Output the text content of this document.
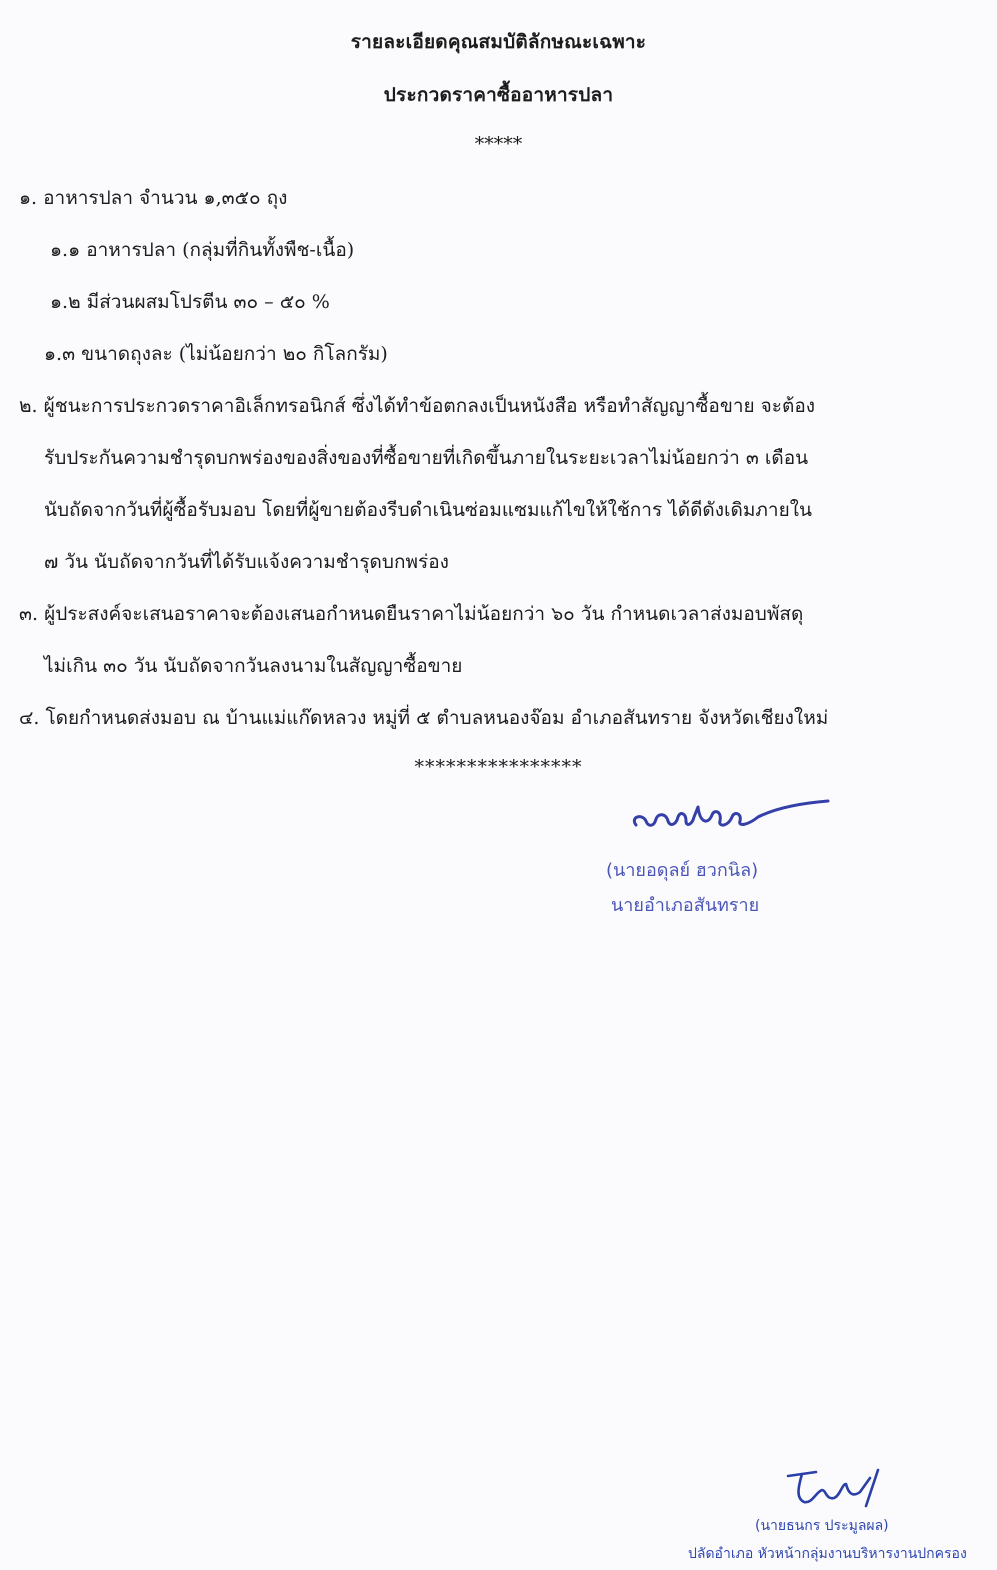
รายละเอียดคุณสมบัติลักษณะเฉพาะ
ประกวดราคาซื้ออาหารปลา
*****
๑. อาหารปลา จำนวน ๑,๓๕๐ ถุง
๑.๑ อาหารปลา (กลุ่มที่กินทั้งพืช-เนื้อ)
๑.๒ มีส่วนผสมโปรตีน ๓๐ – ๕๐ %
๑.๓ ขนาดถุงละ (ไม่น้อยกว่า ๒๐ กิโลกรัม)
๒. ผู้ชนะการประกวดราคาอิเล็กทรอนิกส์ ซึ่งได้ทำข้อตกลงเป็นหนังสือ หรือทำสัญญาซื้อขาย จะต้อง
รับประกันความชำรุดบกพร่องของสิ่งของที่ซื้อขายที่เกิดขึ้นภายในระยะเวลาไม่น้อยกว่า ๓ เดือน
นับถัดจากวันที่ผู้ซื้อรับมอบ โดยที่ผู้ขายต้องรีบดำเนินซ่อมแซมแก้ไขให้ใช้การ ได้ดีดังเดิมภายใน
๗ วัน นับถัดจากวันที่ได้รับแจ้งความชำรุดบกพร่อง
๓. ผู้ประสงค์จะเสนอราคาจะต้องเสนอกำหนดยืนราคาไม่น้อยกว่า ๖๐ วัน กำหนดเวลาส่งมอบพัสดุ
ไม่เกิน ๓๐ วัน นับถัดจากวันลงนามในสัญญาซื้อขาย
๔. โดยกำหนดส่งมอบ ณ บ้านแม่แก๊ดหลวง หมู่ที่ ๕ ตำบลหนองจ๊อม อำเภอสันทราย จังหวัดเชียงใหม่
****************
(นายอดุลย์ ฮวกนิล)
นายอำเภอสันทราย
(นายธนกร ประมูลผล)
ปลัดอำเภอ หัวหน้ากลุ่มงานบริหารงานปกครอง
